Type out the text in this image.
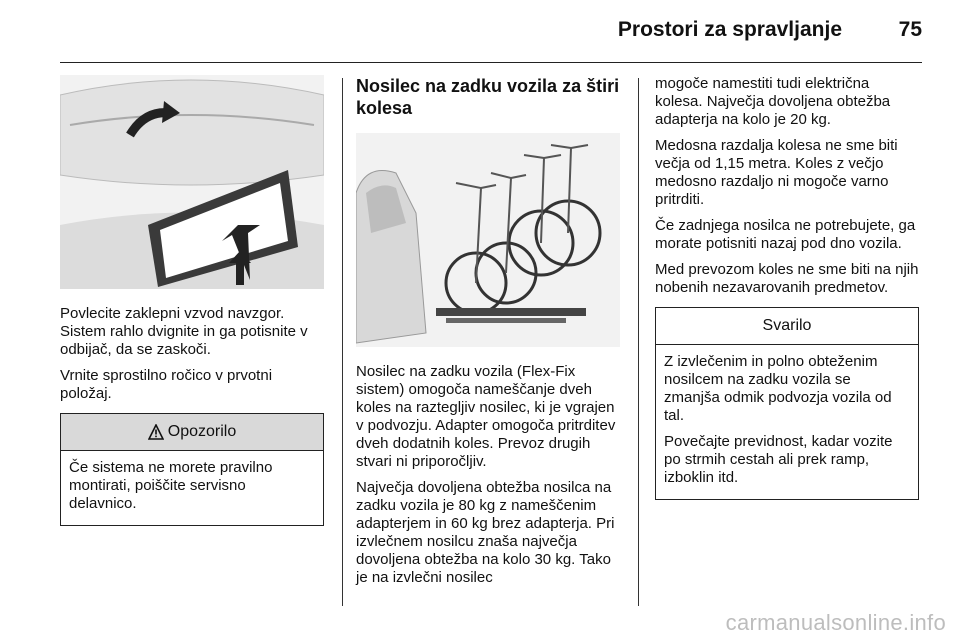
Prostori za spravljanje	75

Povlecite zaklepni vzvod navzgor. Sistem rahlo dvignite in ga potisnite v odbijač, da se zaskoči.

Vrnite sprostilno ročico v prvotni položaj.

Opozorilo

Če sistema ne morete pravilno montirati, poiščite servisno delavnico.

Nosilec na zadku vozila za štiri kolesa

Nosilec na zadku vozila (Flex-Fix sistem) omogoča nameščanje dveh koles na raztegljiv nosilec, ki je vgrajen v podvozju. Adapter omogoča pritrditev dveh dodatnih koles. Prevoz drugih stvari ni priporočljiv.

Največja dovoljena obtežba nosilca na zadku vozila je 80 kg z nameščenim adapterjem in 60 kg brez adapterja. Pri izvlečnem nosilcu znaša največja dovoljena obtežba na kolo 30 kg. Tako je na izvlečni nosilec

mogoče namestiti tudi električna kolesa. Največja dovoljena obtežba adapterja na kolo je 20 kg.

Medosna razdalja kolesa ne sme biti večja od 1,15 metra. Koles z večjo medosno razdaljo ni mogoče varno pritrditi.

Če zadnjega nosilca ne potrebujete, ga morate potisniti nazaj pod dno vozila.

Med prevozom koles ne sme biti na njih nobenih nezavarovanih predmetov.

Svarilo

Z izvlečenim in polno obteženim nosilcem na zadku vozila se zmanjša odmik podvozja vozila od tal.

Povečajte previdnost, kadar vozite po strmih cestah ali prek ramp, izboklin itd.

carmanualsonline.info
